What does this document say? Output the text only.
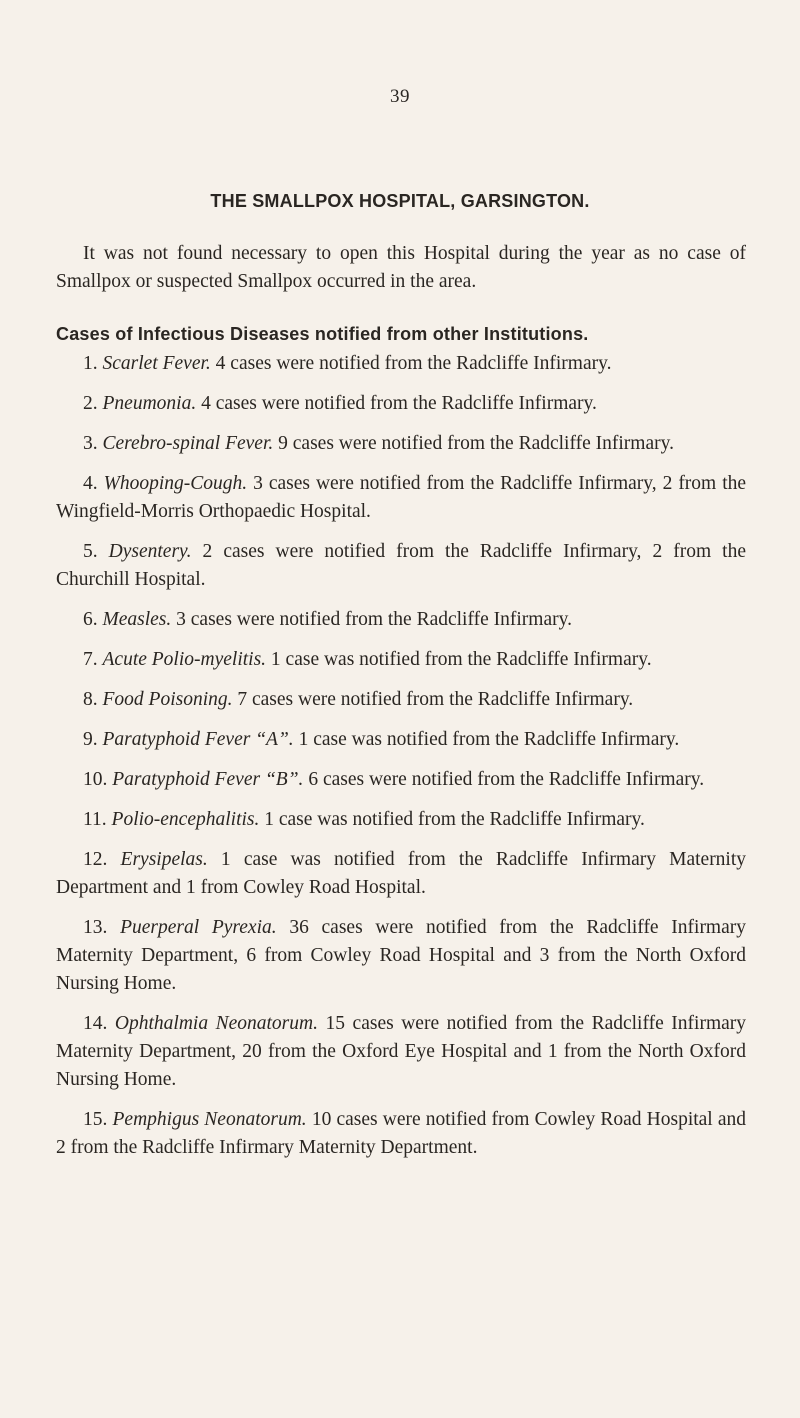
39
THE SMALLPOX HOSPITAL, GARSINGTON.

It was not found necessary to open this Hospital during the year as no case of Smallpox or suspected Smallpox occurred in the area.

Cases of Infectious Diseases notified from other Institutions.
1. Scarlet Fever. 4 cases were notified from the Radcliffe Infirmary.
2. Pneumonia. 4 cases were notified from the Radcliffe Infirmary.
3. Cerebro-spinal Fever. 9 cases were notified from the Radcliffe Infirmary.
4. Whooping-Cough. 3 cases were notified from the Radcliffe Infirmary, 2 from the Wingfield-Morris Orthopaedic Hospital.
5. Dysentery. 2 cases were notified from the Radcliffe Infirmary, 2 from the Churchill Hospital.
6. Measles. 3 cases were notified from the Radcliffe Infirmary.
7. Acute Polio-myelitis. 1 case was notified from the Radcliffe Infirmary.
8. Food Poisoning. 7 cases were notified from the Radcliffe Infirmary.
9. Paratyphoid Fever “A”. 1 case was notified from the Radcliffe Infirmary.
10. Paratyphoid Fever “B”. 6 cases were notified from the Radcliffe Infirmary.
11. Polio-encephalitis. 1 case was notified from the Radcliffe Infirmary.
12. Erysipelas. 1 case was notified from the Radcliffe Infirmary Maternity Department and 1 from Cowley Road Hospital.
13. Puerperal Pyrexia. 36 cases were notified from the Radcliffe Infirmary Maternity Department, 6 from Cowley Road Hospital and 3 from the North Oxford Nursing Home.
14. Ophthalmia Neonatorum. 15 cases were notified from the Radcliffe Infirmary Maternity Department, 20 from the Oxford Eye Hospital and 1 from the North Oxford Nursing Home.
15. Pemphigus Neonatorum. 10 cases were notified from Cowley Road Hospital and 2 from the Radcliffe Infirmary Maternity Department.
